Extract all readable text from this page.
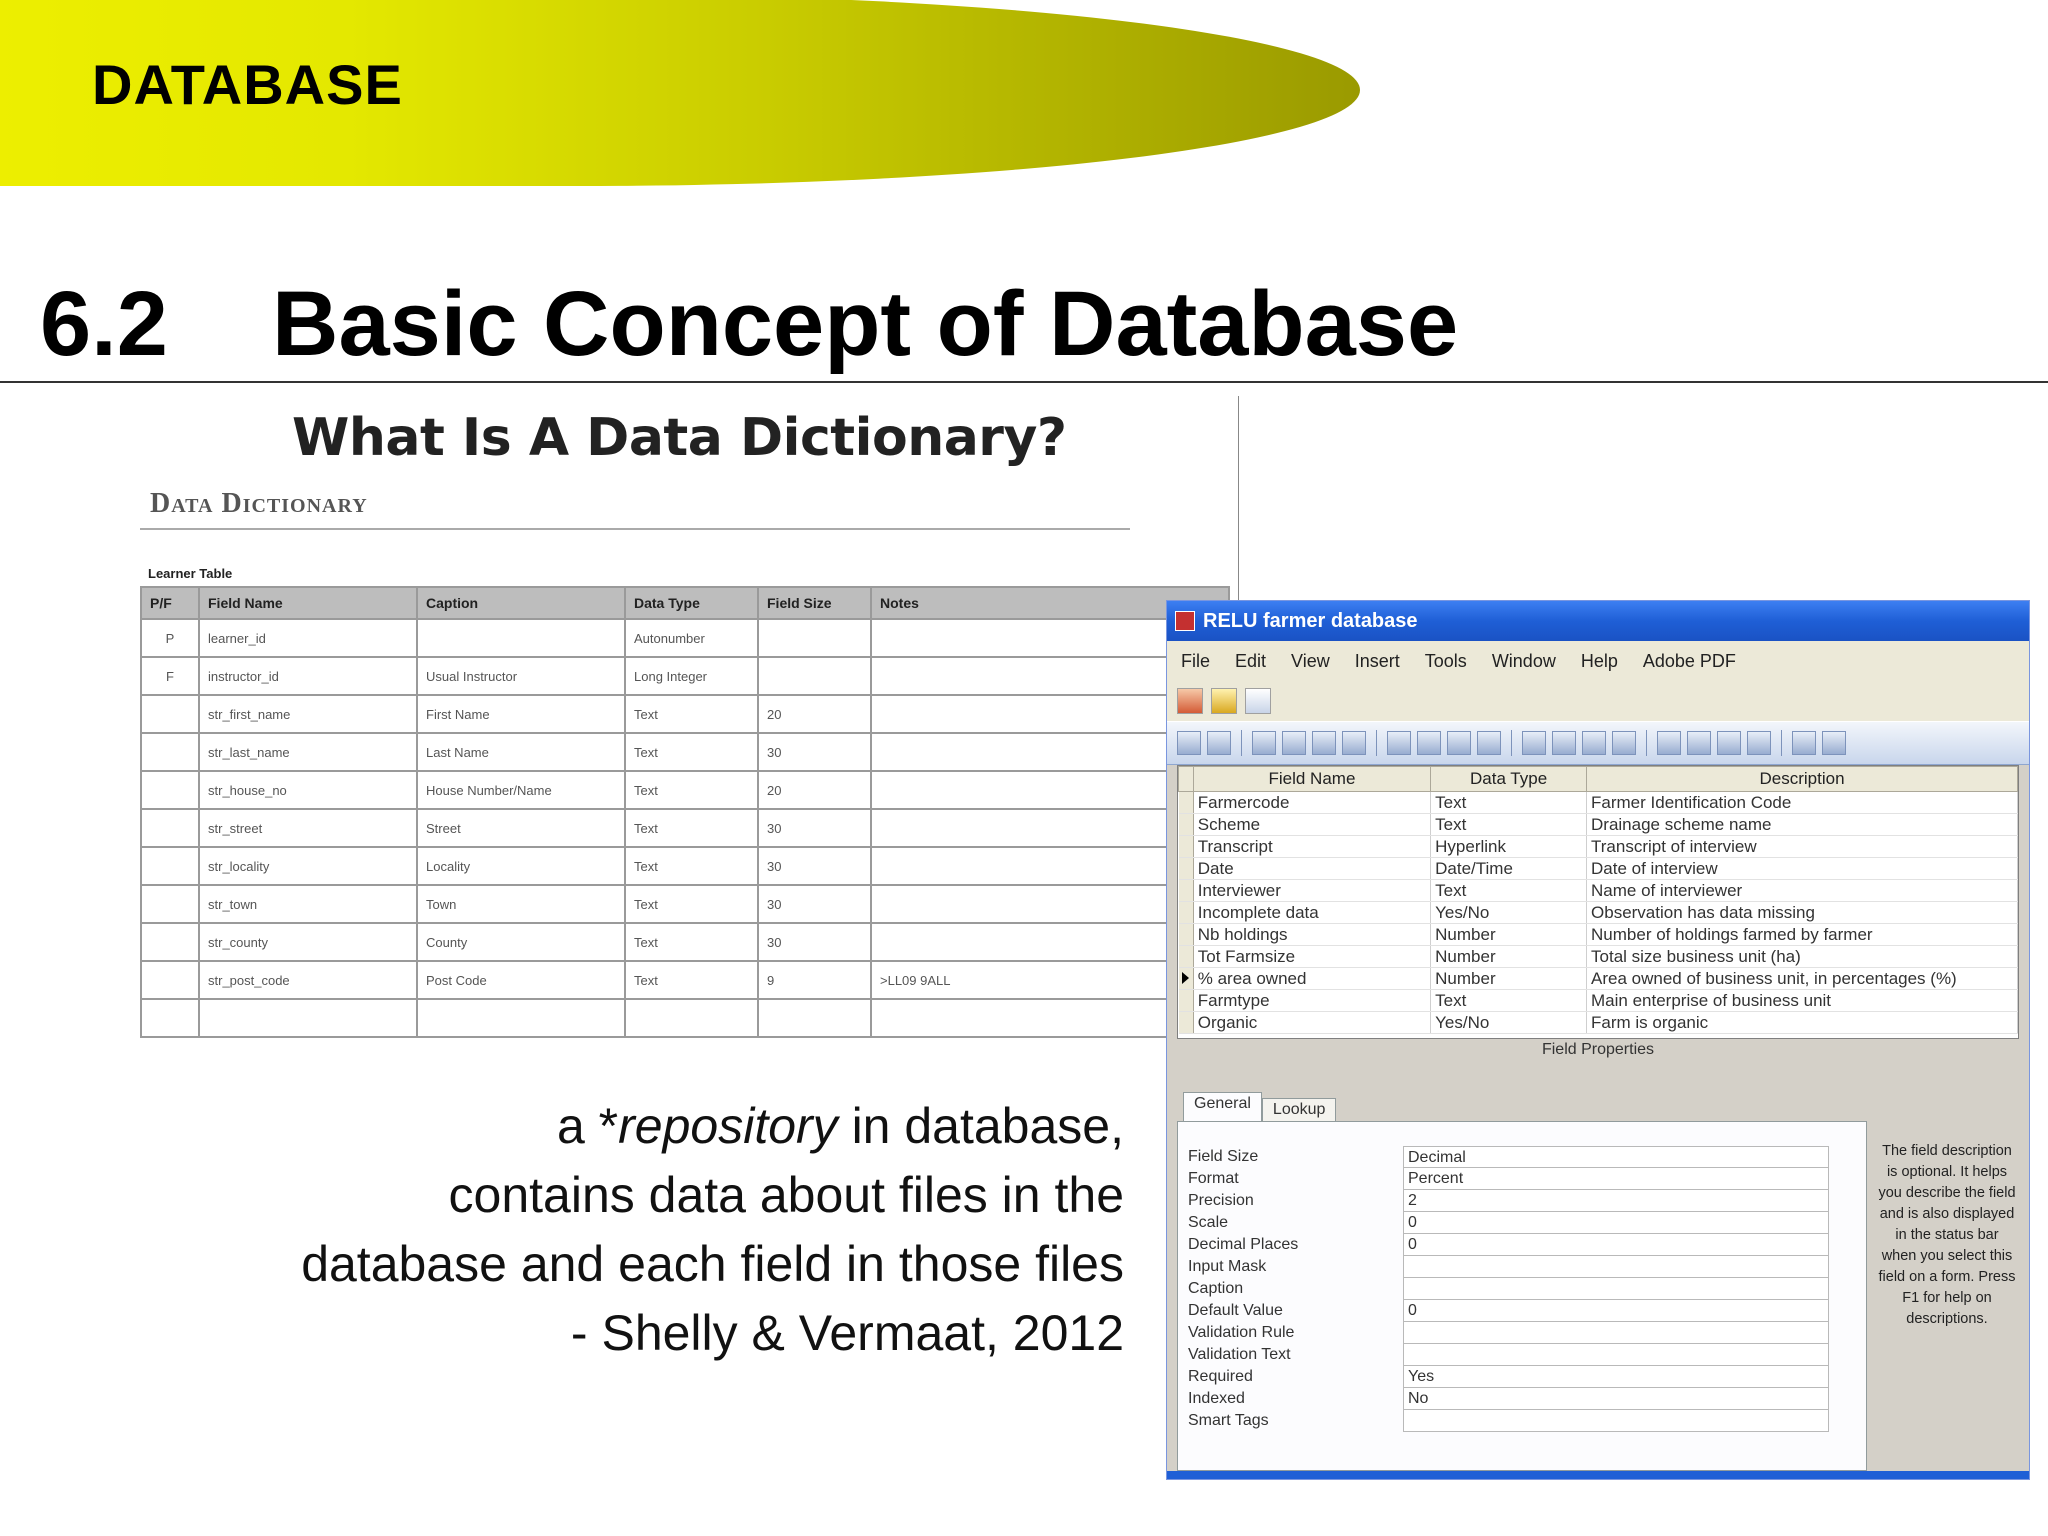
DATABASE
6.2 Basic Concept of Database
What Is A Data Dictionary?
Data Dictionary
Learner Table
P/F	Field Name	Caption	Data Type	Field Size	Notes
P	learner_id		Autonumber		
F	instructor_id	Usual Instructor	Long Integer		
	str_first_name	First Name	Text	20	
	str_last_name	Last Name	Text	30	
	str_house_no	House Number/Name	Text	20	
	str_street	Street	Text	30	
	str_locality	Locality	Text	30	
	str_town	Town	Text	30	
	str_county	County	Text	30	
	str_post_code	Post Code	Text	9	>LL09 9ALL

a *repository in database,
contains data about files in the
database and each field in those files
- Shelly & Vermaat, 2012
RELU farmer database
File Edit View Insert Tools Window Help Adobe PDF
	Field Name	Data Type	Description
	Farmercode	Text	Farmer Identification Code
	Scheme	Text	Drainage scheme name
	Transcript	Hyperlink	Transcript of interview
	Date	Date/Time	Date of interview
	Interviewer	Text	Name of interviewer
	Incomplete data	Yes/No	Observation has data missing
	Nb holdings	Number	Number of holdings farmed by farmer
	Tot Farmsize	Number	Total size business unit (ha)
	% area owned	Number	Area owned of business unit, in percentages (%)
	Farmtype	Text	Main enterprise of business unit
	Organic	Yes/No	Farm is organic
Field Properties
General	Lookup
Field Size	Decimal
Format	Percent
Precision	2
Scale	0
Decimal Places	0
Input Mask
Caption
Default Value	0
Validation Rule
Validation Text
Required	Yes
Indexed	No
Smart Tags
The field description is optional. It helps you describe the field and is also displayed in the status bar when you select this field on a form. Press F1 for help on descriptions.
